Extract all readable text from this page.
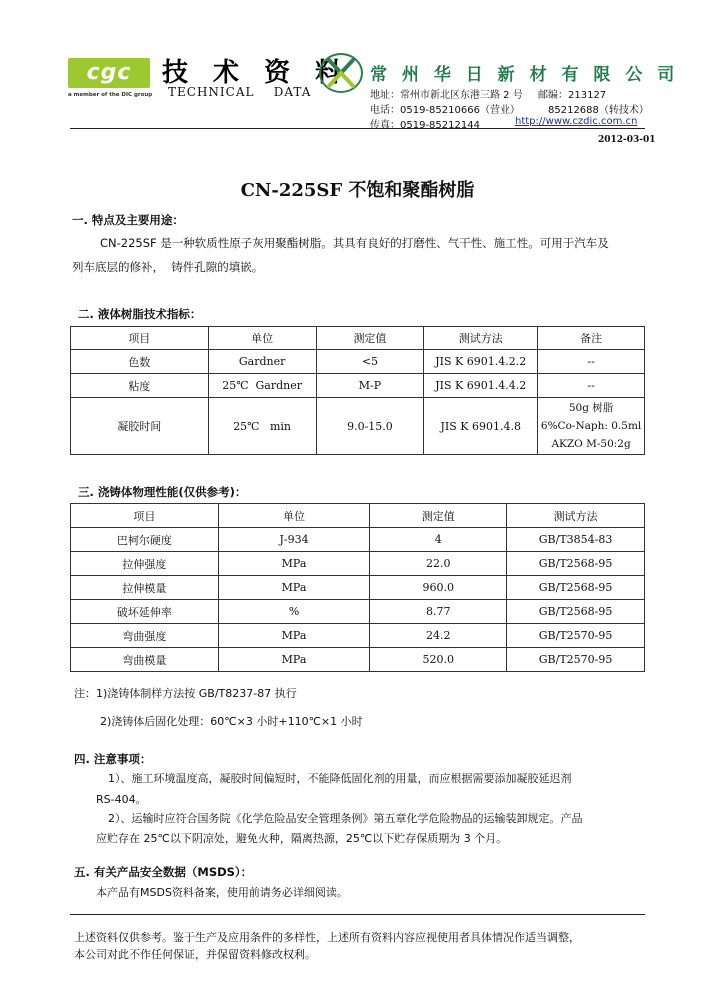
cgc
a member of the DIC group
技 术 资 料
TECHNICAL    DATA
常 州 华 日 新 材 有 限 公 司
地址：常州市新北区东港三路 2 号 邮编：213127
电话：0519-85210666（营业）	85212688（转技术）
传真：0519-85212144	http://www.czdic.com.cn
2012-03-01
CN-225SF 不饱和聚酯树脂
一. 特点及主要用途：
CN-225SF 是一种软质性原子灰用聚酯树脂。其具有良好的打磨性、气干性、施工性。可用于汽车及
列车底层的修补，  铸件孔隙的填嵌。
二. 液体树脂技术指标：
项目	单位	测定值	测试方法	备注
色数	Gardner	<5	JIS K 6901.4.2.2	--
粘度	25℃  Gardner	M-P	JIS K 6901.4.4.2	--
凝胶时间	25℃   min	9.0-15.0	JIS K 6901.4.8	50g 树脂
6%Co-Naph: 0.5ml
AKZO M-50:2g
三. 浇铸体物理性能(仅供参考)：
项目	单位	测定值	测试方法
巴柯尔硬度	J-934	4	GB/T3854-83
拉伸强度	MPa	22.0	GB/T2568-95
拉伸模量	MPa	960.0	GB/T2568-95
破坏延伸率	%	8.77	GB/T2568-95
弯曲强度	MPa	24.2	GB/T2570-95
弯曲模量	MPa	520.0	GB/T2570-95
注：1)浇铸体制样方法按 GB/T8237-87 执行
2)浇铸体后固化处理：60℃×3 小时+110℃×1 小时
四. 注意事项：
1）、施工环境温度高，凝胶时间偏短时，不能降低固化剂的用量，而应根据需要添加凝胶延迟剂
RS-404。
2）、运输时应符合国务院《化学危险品安全管理条例》第五章化学危险物品的运输装卸规定。产品
应贮存在 25℃以下阴凉处，避免火种，隔离热源，25℃以下贮存保质期为 3 个月。
五. 有关产品安全数据（MSDS）：
本产品有MSDS资料备案，使用前请务必详细阅读。
上述资料仅供参考。鉴于生产及应用条件的多样性，上述所有资料内容应视使用者具体情况作适当调整，
本公司对此不作任何保证，并保留资料修改权利。
